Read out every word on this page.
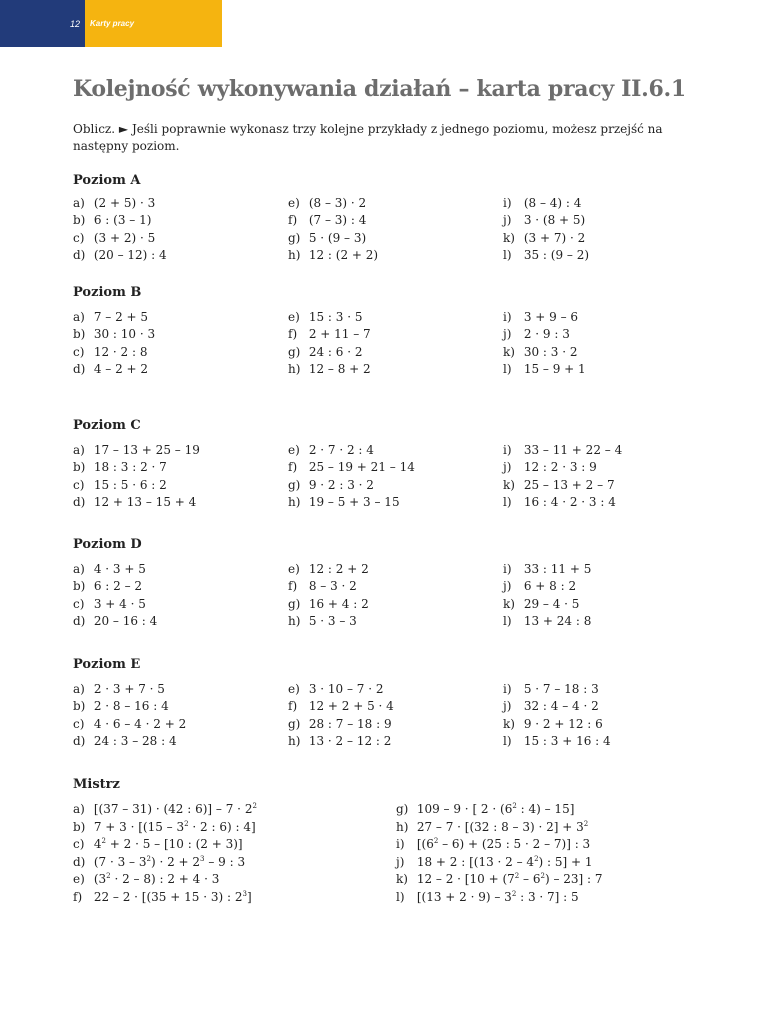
12	Karty pracy
Kolejność wykonywania działań – karta pracy II.6.1

Oblicz. ► Jeśli poprawnie wykonasz trzy kolejne przykłady z jednego poziomu, możesz przejść na następny poziom.

Poziom A

a) (2 + 5) · 3

b) 6 : (3 – 1)

c) (3 + 2) · 5

d) (20 – 12) : 4

e) (8 – 3) · 2

f) (7 – 3) : 4

g) 5 · (9 – 3)

h) 12 : (2 + 2)

i) (8 – 4) : 4

j) 3 · (8 + 5)

k) (3 + 7) · 2

l) 35 : (9 – 2)

Poziom B

a) 7 – 2 + 5

b) 30 : 10 · 3

c) 12 · 2 : 8

d) 4 – 2 + 2

e) 15 : 3 · 5

f) 2 + 11 – 7

g) 24 : 6 · 2

h) 12 – 8 + 2

i) 3 + 9 – 6

j) 2 · 9 : 3

k) 30 : 3 · 2

l) 15 – 9 + 1

Poziom C

a) 17 – 13 + 25 – 19

b) 18 : 3 : 2 · 7

c) 15 : 5 · 6 : 2

d) 12 + 13 – 15 + 4

e) 2 · 7 · 2 : 4

f) 25 – 19 + 21 – 14

g) 9 · 2 : 3 · 2

h) 19 – 5 + 3 – 15

i) 33 – 11 + 22 – 4

j) 12 : 2 · 3 : 9

k) 25 – 13 + 2 – 7

l) 16 : 4 · 2 · 3 : 4

Poziom D

a) 4 · 3 + 5

b) 6 : 2 – 2

c) 3 + 4 · 5

d) 20 – 16 : 4

e) 12 : 2 + 2

f) 8 – 3 · 2

g) 16 + 4 : 2

h) 5 · 3 – 3

i) 33 : 11 + 5

j) 6 + 8 : 2

k) 29 – 4 · 5

l) 13 + 24 : 8

Poziom E

a) 2 · 3 + 7 · 5

b) 2 · 8 – 16 : 4

c) 4 · 6 – 4 · 2 + 2

d) 24 : 3 – 28 : 4

e) 3 · 10 – 7 · 2

f) 12 + 2 + 5 · 4

g) 28 : 7 – 18 : 9

h) 13 · 2 – 12 : 2

i) 5 · 7 – 18 : 3

j) 32 : 4 – 4 · 2

k) 9 · 2 + 12 : 6

l) 15 : 3 + 16 : 4

Mistrz

a) [(37 – 31) · (42 : $6)] - 7 \cdot 2^2$

b) $7 + 3 \cdot [(15 - 3^2 \cdot 2$ : 6) : 4]

c) $4^2 + 2 \cdot 5 - [10$ : (2 + 3)]

d) $(7 \cdot 3 - 3^2) \cdot 2 + 2^3 - 9$ : 3

e) $(3^2 \cdot 2 - 8)$ : 2 + 4 · 3

f) 22 – 2 · [(35 + 15 · 3) : $2^3$]

g) 109 – 9 · [ $2 \cdot (6^2$ : 4) – 15]

h) 27 – 7 · [(32 : $8 - 3) \cdot 2] + 3^2$

i) [$(6^2 - 6) + (25$ : 5 · 2 – 7)] : 3

j) 18 + 2 : [$(13 \cdot 2 - 4^2)$ : 5] + 1

k) $12 - 2 \cdot [10 + (7^2 - 6^2) - 23]$ : 7

l) [$(13 + 2 \cdot 9) - 3^2$ : 3 · 7] : 5
